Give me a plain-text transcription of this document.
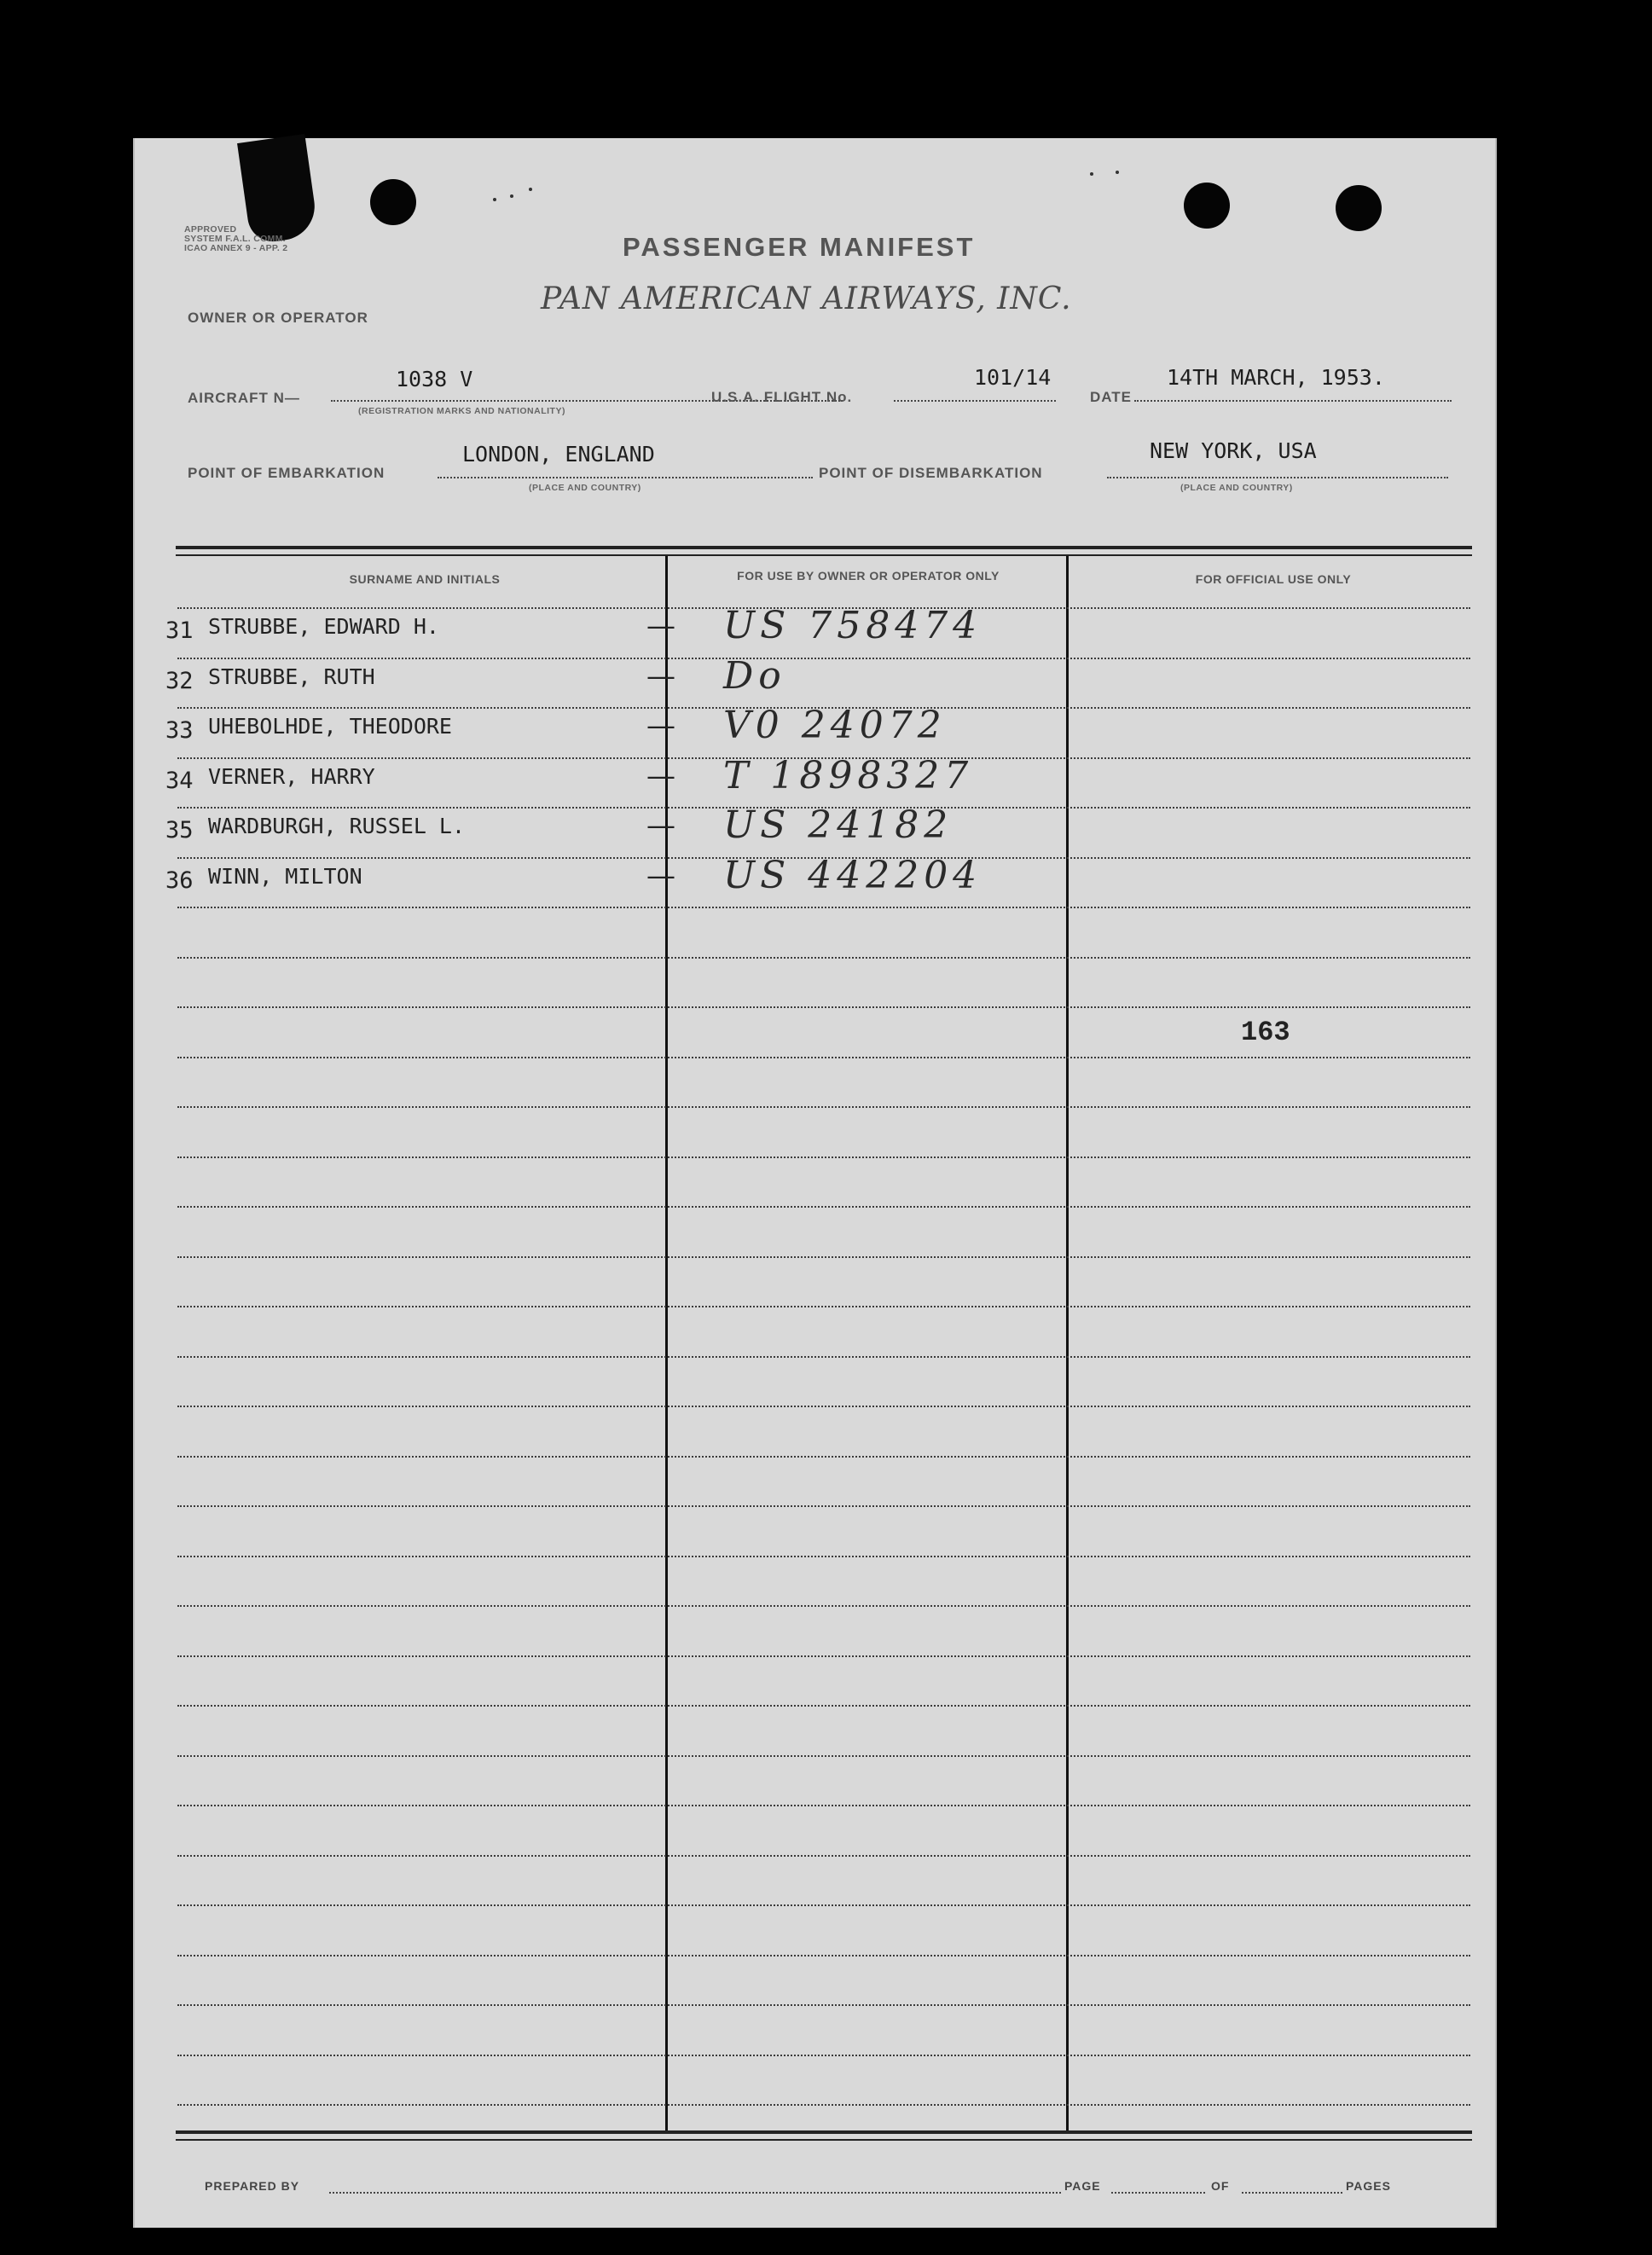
APPROVED
SYSTEM F.A.L. COMM.
ICAO ANNEX 9 - APP. 2	PASSENGER MANIFEST
OWNER OR OPERATOR
PAN AMERICAN AIRWAYS, INC.
AIRCRAFT N—
1038 V
(REGISTRATION MARKS AND NATIONALITY)
U.S.A. FLIGHT No.
101/14
DATE
14TH MARCH, 1953.
POINT OF EMBARKATION
LONDON, ENGLAND
(PLACE AND COUNTRY)
POINT OF DISEMBARKATION
NEW YORK, USA
(PLACE AND COUNTRY)
SURNAME AND INITIALS	FOR USE BY OWNER OR OPERATOR ONLY	FOR OFFICIAL USE ONLY
31 STRUBBE, EDWARD H.	— US 758474
32 STRUBBE, RUTH	— Do
33 UHEBOLHDE, THEODORE	— V0 24072
34 VERNER, HARRY	— T 1898327
35 WARDBURGH, RUSSEL L.	— US 24182
36 WINN, MILTON	— US 442204
163
PREPARED BY	PAGE	OF	PAGES
